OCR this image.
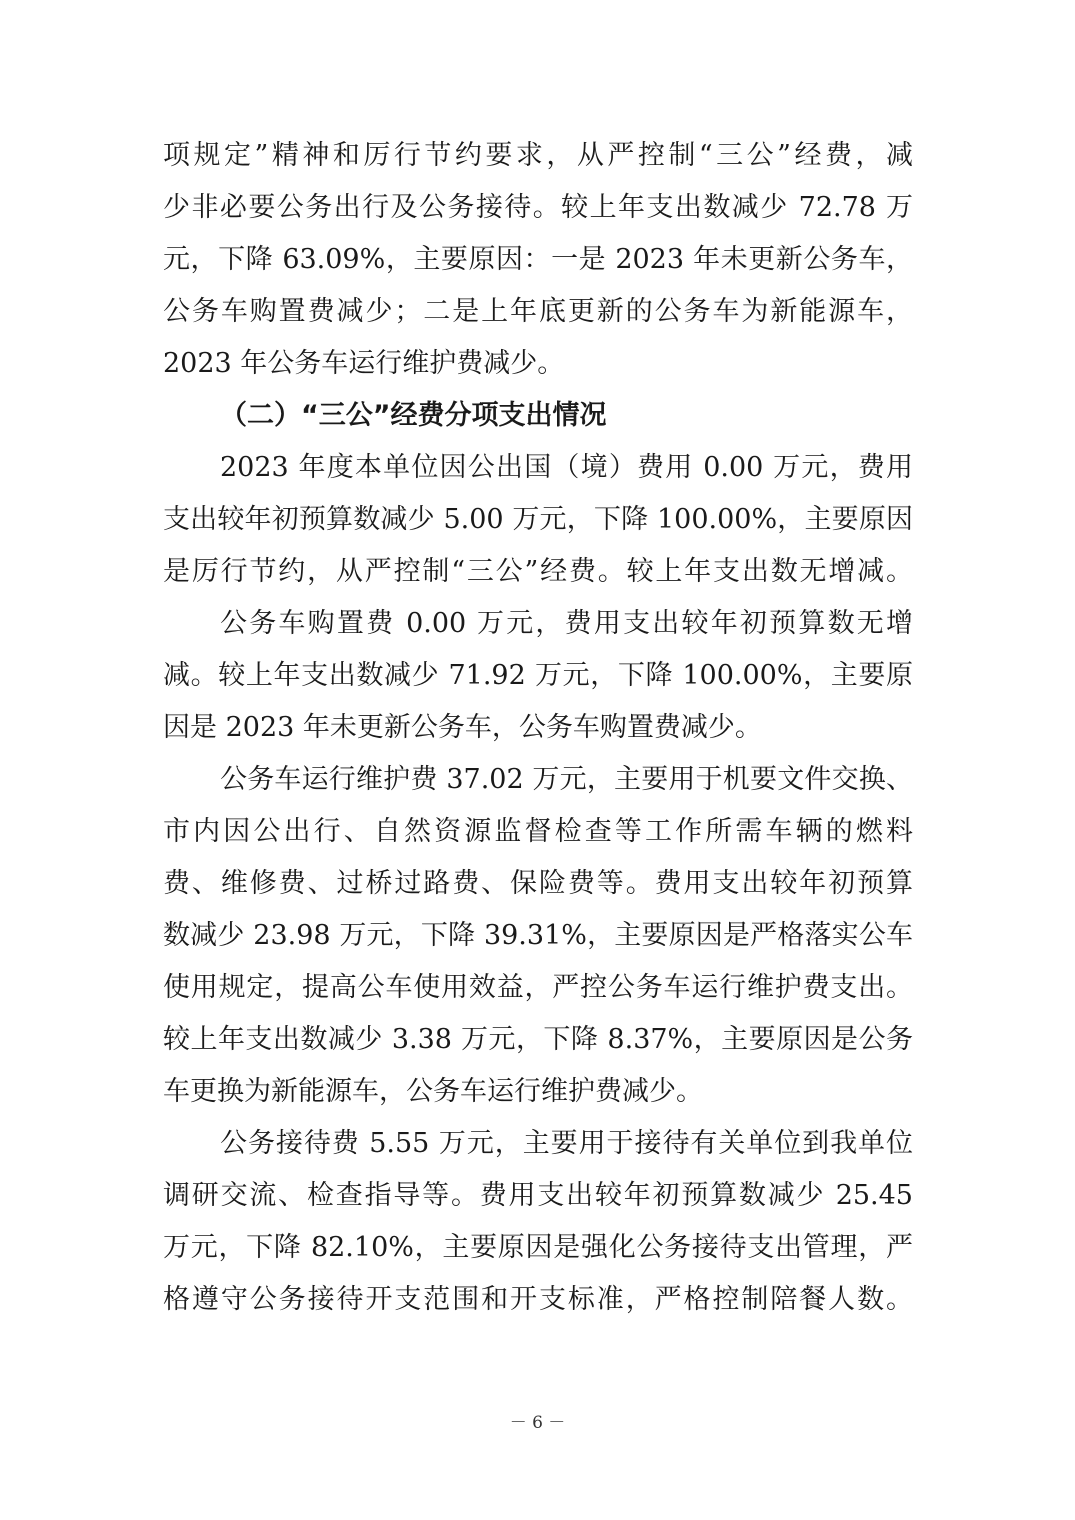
项规定”精神和厉行节约要求，从严控制“三公”经费，减
少非必要公务出行及公务接待。较上年支出数减少 72.78 万
元，下降 63.09%，主要原因：一是 2023 年未更新公务车，
公务车购置费减少；二是上年底更新的公务车为新能源车，
2023 年公务车运行维护费减少。
（二）“三公”经费分项支出情况
2023 年度本单位因公出国（境）费用 0.00 万元，费用
支出较年初预算数减少 5.00 万元，下降 100.00%，主要原因
是厉行节约，从严控制“三公”经费。较上年支出数无增减。
公务车购置费 0.00 万元，费用支出较年初预算数无增
减。较上年支出数减少 71.92 万元，下降 100.00%，主要原
因是 2023 年未更新公务车，公务车购置费减少。
公务车运行维护费 37.02 万元，主要用于机要文件交换、
市内因公出行、自然资源监督检查等工作所需车辆的燃料
费、维修费、过桥过路费、保险费等。费用支出较年初预算
数减少 23.98 万元，下降 39.31%，主要原因是严格落实公车
使用规定，提高公车使用效益，严控公务车运行维护费支出。
较上年支出数减少 3.38 万元，下降 8.37%，主要原因是公务
车更换为新能源车，公务车运行维护费减少。
公务接待费 5.55 万元，主要用于接待有关单位到我单位
调研交流、检查指导等。费用支出较年初预算数减少 25.45
万元，下降 82.10%，主要原因是强化公务接待支出管理，严
格遵守公务接待开支范围和开支标准，严格控制陪餐人数。
－ 6 －
